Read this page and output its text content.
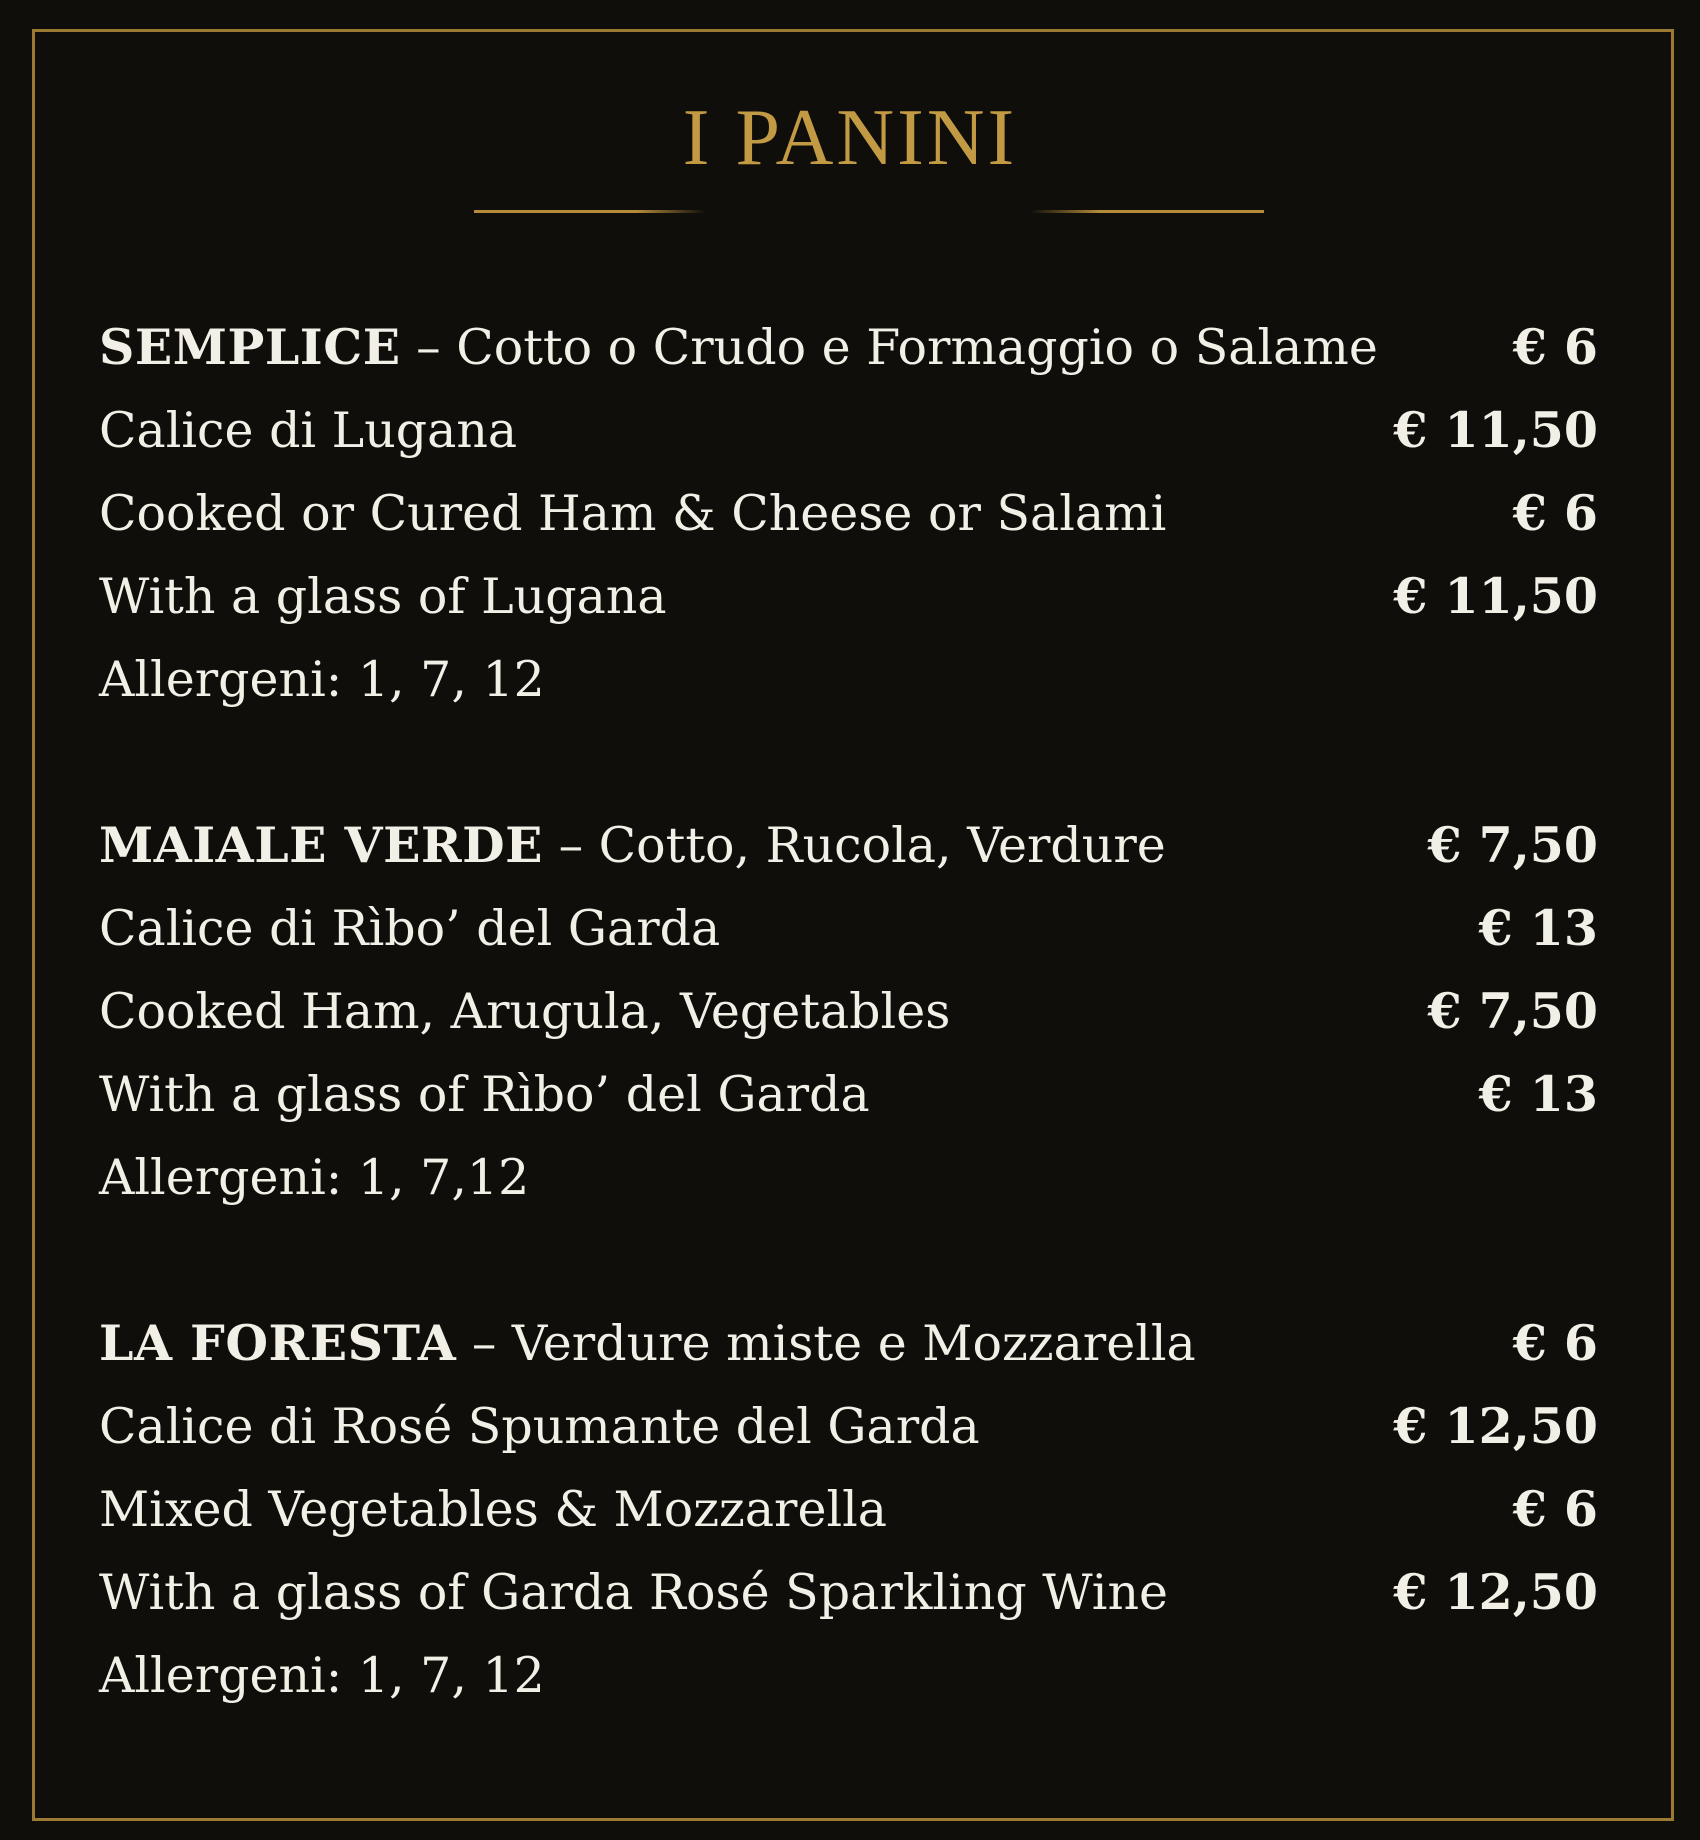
I PANINI
SEMPLICE – Cotto o Crudo e Formaggio o Salame	€ 6
Calice di Lugana	€ 11,50
Cooked or Cured Ham & Cheese or Salami	€ 6
With a glass of Lugana	€ 11,50
Allergeni: 1, 7, 12
MAIALE VERDE – Cotto, Rucola, Verdure	€ 7,50
Calice di Rìbo’ del Garda	€ 13
Cooked Ham, Arugula, Vegetables	€ 7,50
With a glass of Rìbo’ del Garda	€ 13
Allergeni: 1, 7,12
LA FORESTA – Verdure miste e Mozzarella	€ 6
Calice di Rosé Spumante del Garda	€ 12,50
Mixed Vegetables & Mozzarella	€ 6
With a glass of Garda Rosé Sparkling Wine	€ 12,50
Allergeni: 1, 7, 12
